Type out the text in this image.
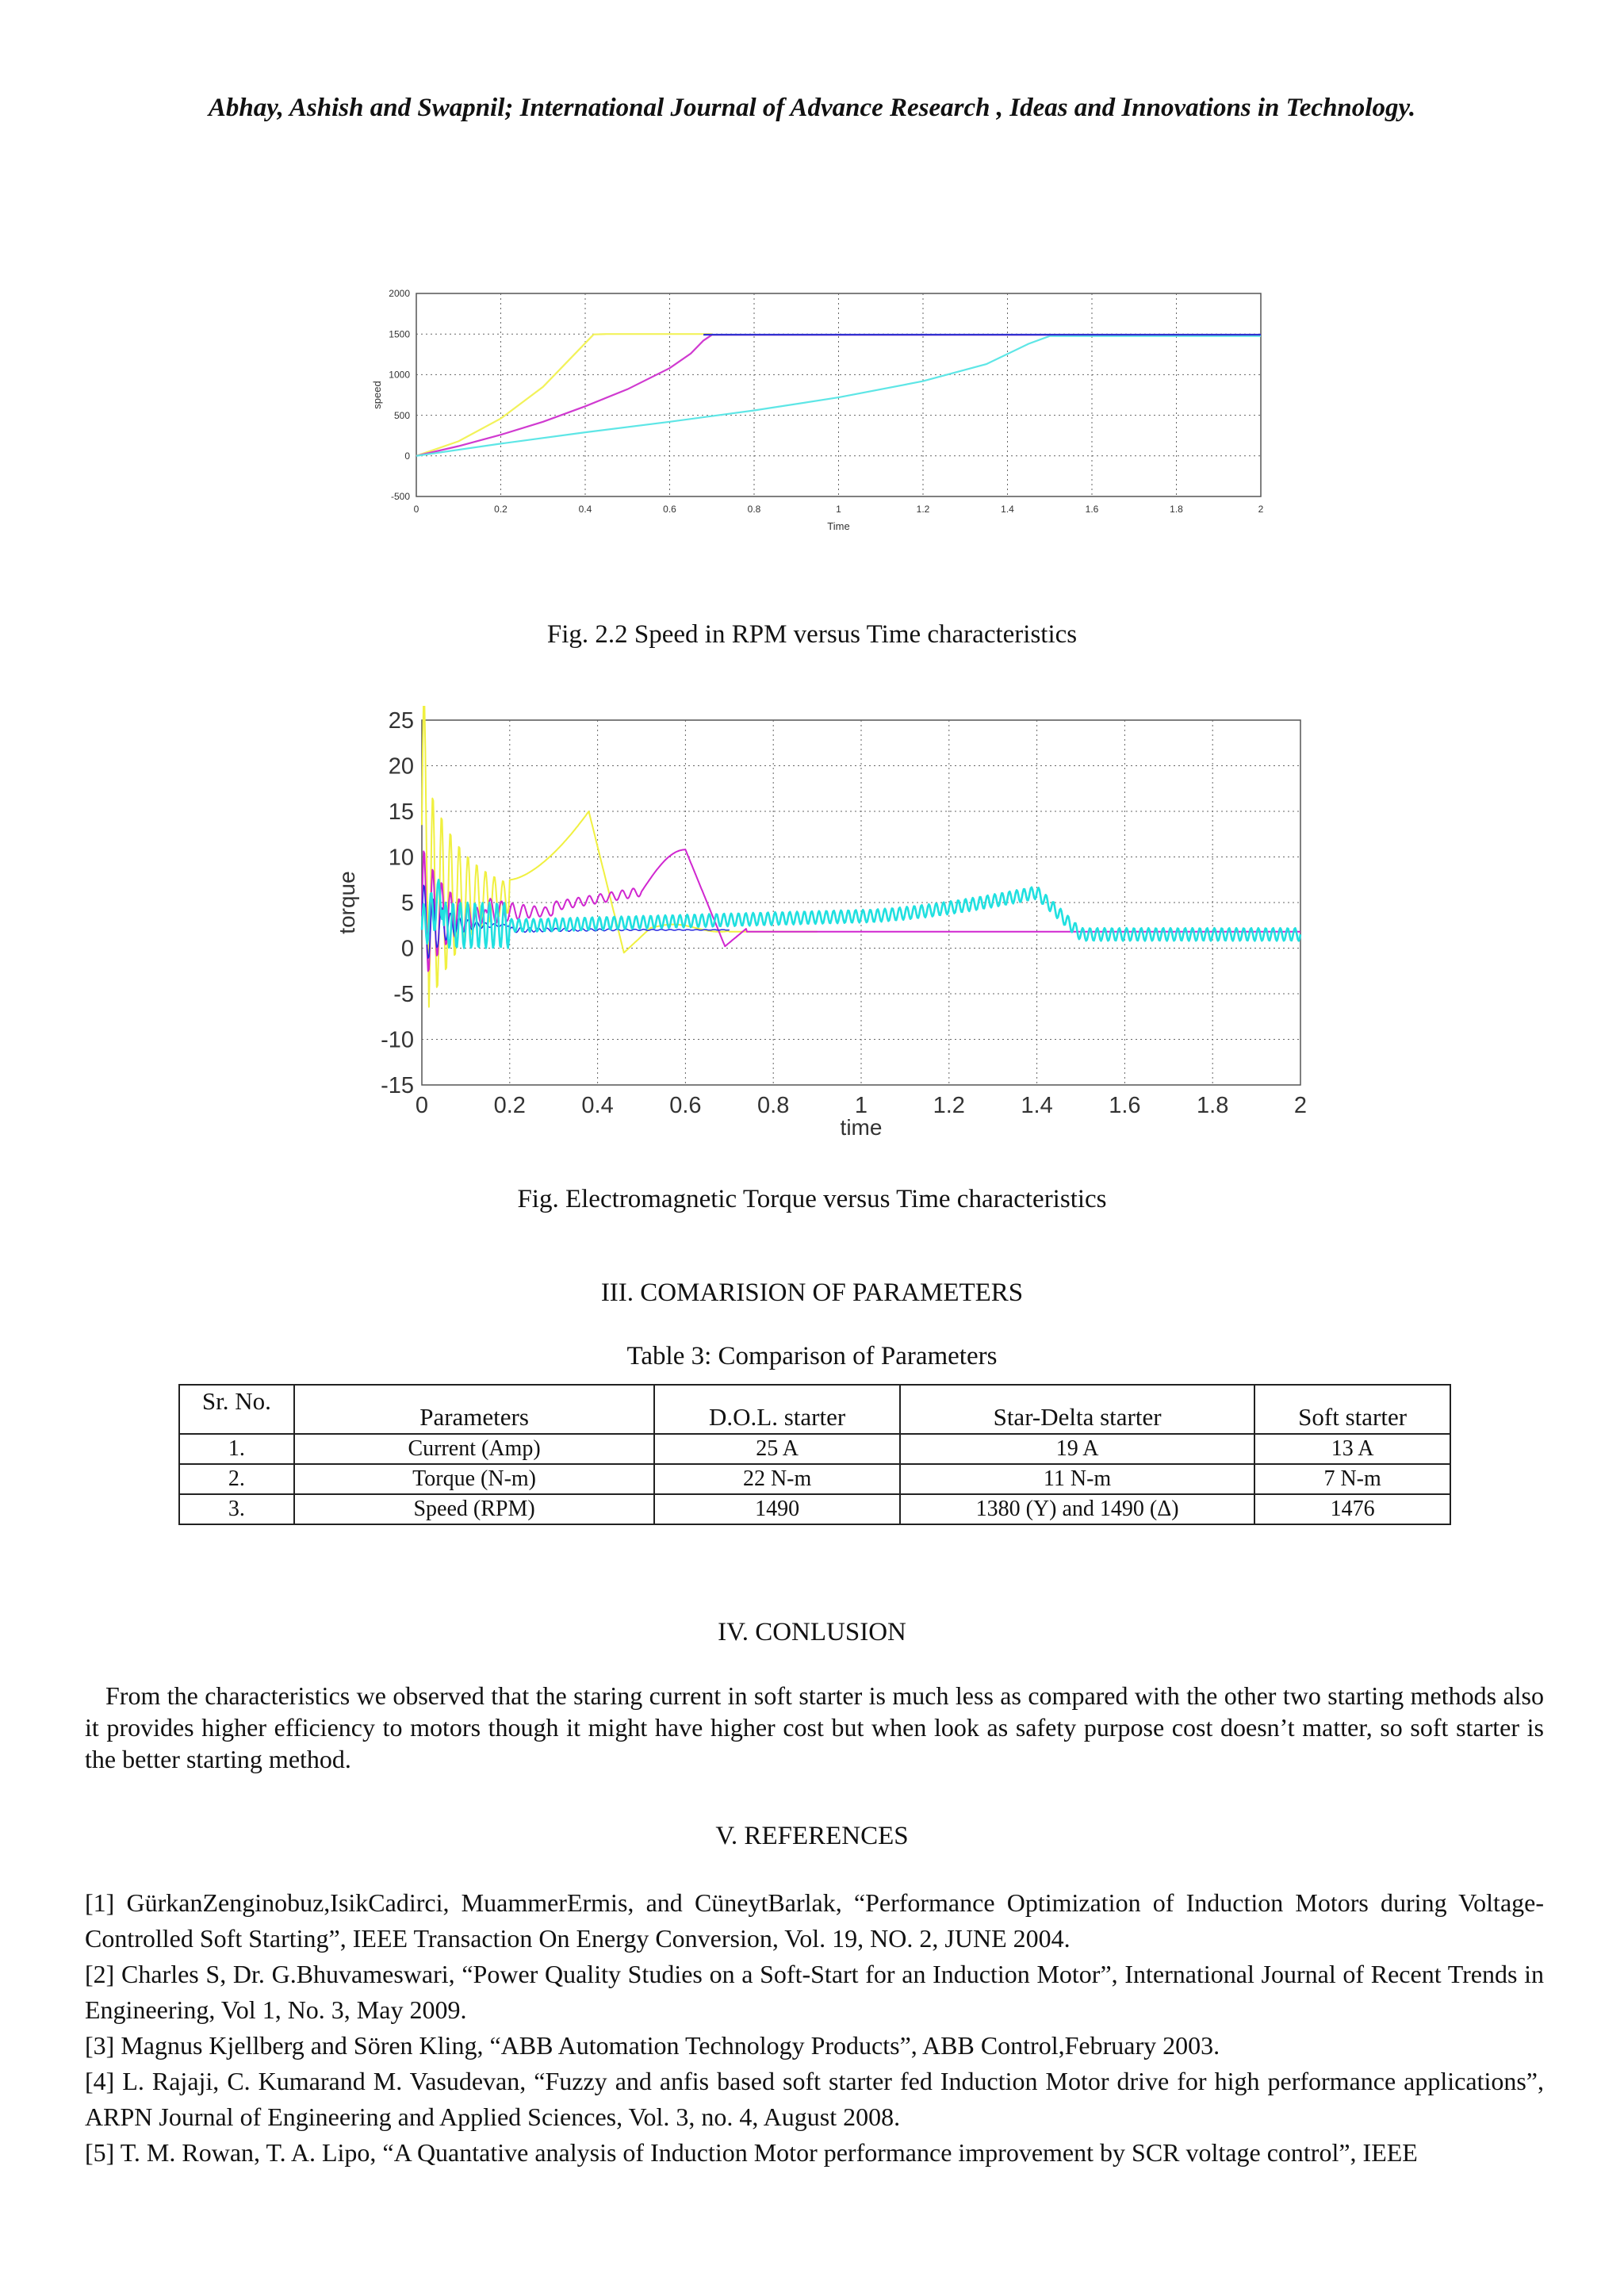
Abhay, Ashish and Swapnil; International Journal of Advance Research , Ideas and Innovations in Technology.
0	0.2	0.4	0.6	0.8	1	1.2	1.4	1.6	1.8	2
2000
1500
1000
500
0
-500
Time
speed
Fig. 2.2 Speed in RPM versus Time characteristics
0	0.2 0.4 0.6 0.8	1	1.2 1.4 1.6 1.8	2
25
20
15
10
5
0
-5
-10
-15
time
torque
Fig. Electromagnetic Torque versus Time characteristics
III. COMARISION OF PARAMETERS
Table 3: Comparison of Parameters
Sr. No.	Parameters	D.O.L. starter	Star-Delta starter	Soft starter
1.	Current (Amp)	25 A	19 A	13 A
2.	Torque (N-m)	22 N-m	11 N-m	7 N-m
3.	Speed (RPM)	1490	1380 (Y) and 1490 (Δ)	1476
IV. CONLUSION
From the characteristics we observed that the staring current in soft starter is much less as compared with the other two starting methods also it provides higher efficiency to motors though it might have higher cost but when look as safety purpose cost doesn’t matter, so soft starter is the better starting method.
V. REFERENCES

[1] GürkanZenginobuz,IsikCadirci, MuammerErmis, and CüneytBarlak, “Performance Optimization of Induction Motors during Voltage-Controlled Soft Starting”, IEEE Transaction On Energy Conversion, Vol. 19, NO. 2, JUNE 2004.

[2] Charles S, Dr. G.Bhuvameswari, “Power Quality Studies on a Soft-Start for an Induction Motor”, International Journal of Recent Trends in Engineering, Vol 1, No. 3, May 2009.

[3] Magnus Kjellberg and Sören Kling, “ABB Automation Technology Products”, ABB Control,February 2003.

[4] L. Rajaji, C. Kumarand M. Vasudevan, “Fuzzy and anfis based soft starter fed Induction Motor drive for high performance applications”, ARPN Journal of Engineering and Applied Sciences, Vol. 3, no. 4, August 2008.

[5] T. M. Rowan, T. A. Lipo, “A Quantative analysis of Induction Motor performance improvement by SCR voltage control”, IEEE
